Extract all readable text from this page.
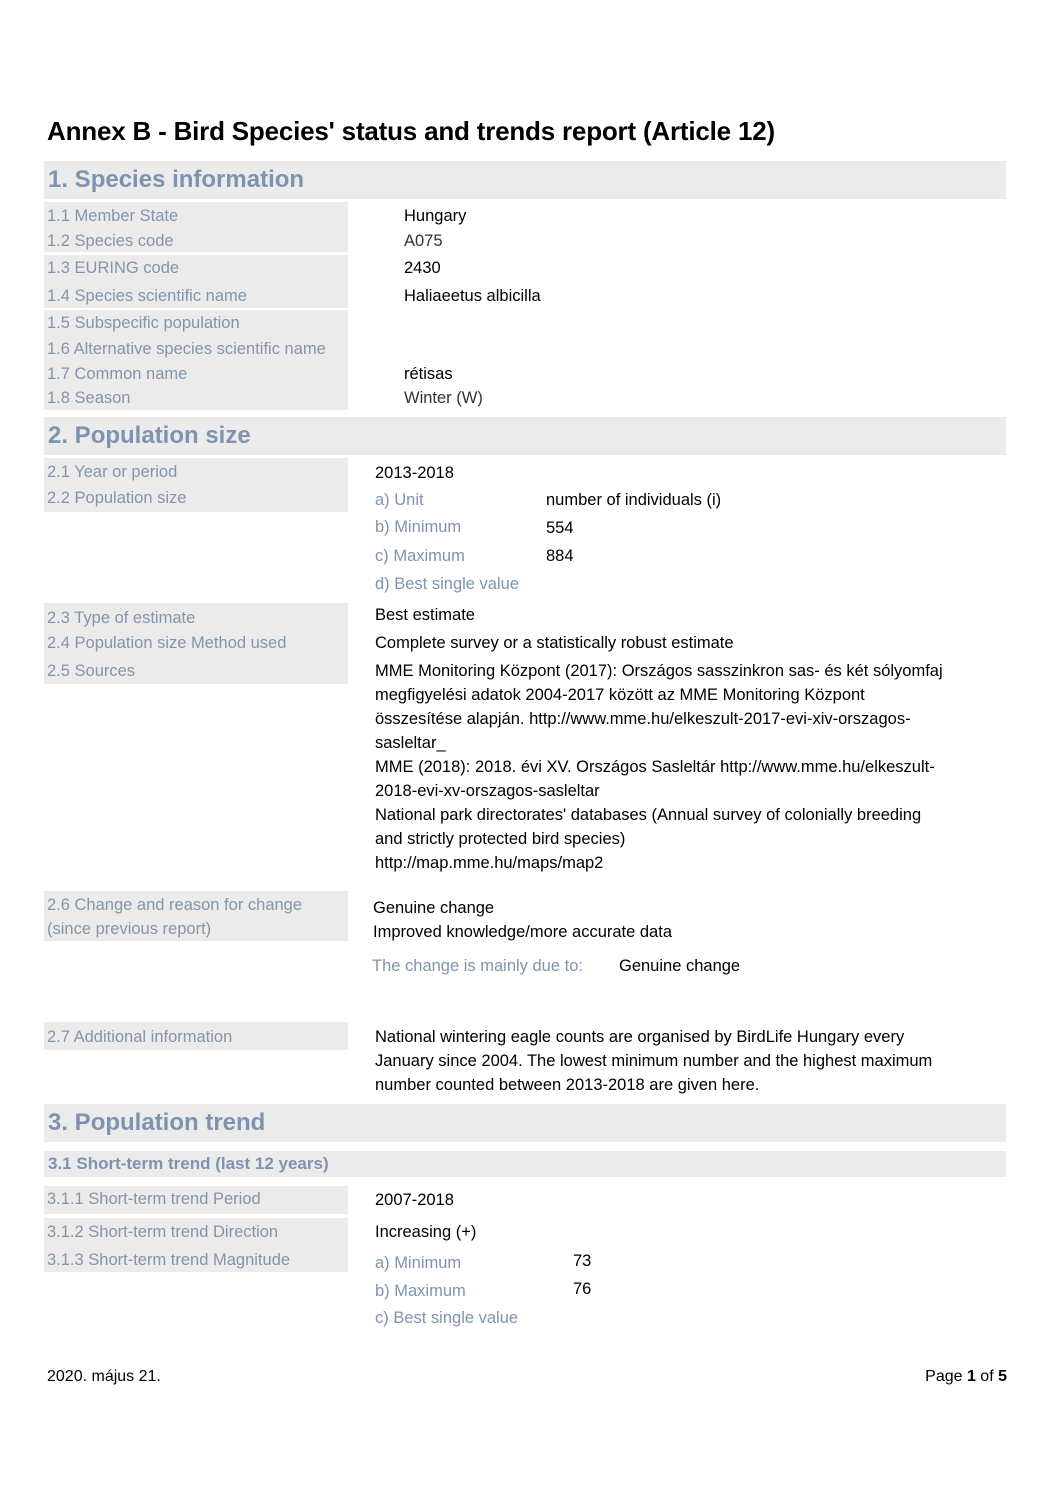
Annex B - Bird Species' status and trends report (Article 12)
1. Species information
1.1 Member State	Hungary
1.2 Species code	A075
1.3 EURING code	2430
1.4 Species scientific name	Haliaeetus albicilla
1.5 Subspecific population
1.6 Alternative species scientific name
1.7 Common name	rétisas
1.8 Season	Winter (W)
2. Population size
2.1 Year or period	2013-2018
2.2 Population size	a) Unit	number of individuals (i)
b) Minimum	554
c) Maximum	884
d) Best single value
2.3 Type of estimate	Best estimate
2.4 Population size Method used	Complete survey or a statistically robust estimate
2.5 Sources	MME Monitoring Központ (2017): Országos sasszinkron sas- és két sólyomfaj
megfigyelési adatok 2004-2017 között az MME Monitoring Központ
összesítése alapján. http://www.mme.hu/elkeszult-2017-evi-xiv-orszagos-
sasleltar_
MME (2018): 2018. évi XV. Országos Sasleltár http://www.mme.hu/elkeszult-
2018-evi-xv-orszagos-sasleltar
National park directorates' databases (Annual survey of colonially breeding
and strictly protected bird species)
http://map.mme.hu/maps/map2
2.6 Change and reason for change
(since previous report)
Genuine change
Improved knowledge/more accurate data
The change is mainly due to: Genuine change
2.7 Additional information	National wintering eagle counts are organised by BirdLife Hungary every
January since 2004. The lowest minimum number and the highest maximum
number counted between 2013-2018 are given here.
3. Population trend
3.1 Short-term trend (last 12 years)
3.1.1 Short-term trend Period	2007-2018
3.1.2 Short-term trend Direction	Increasing (+)
3.1.3 Short-term trend Magnitude	a) Minimum	73
b) Maximum	76
c) Best single value
2020. május 21.	Page 1 of 5
